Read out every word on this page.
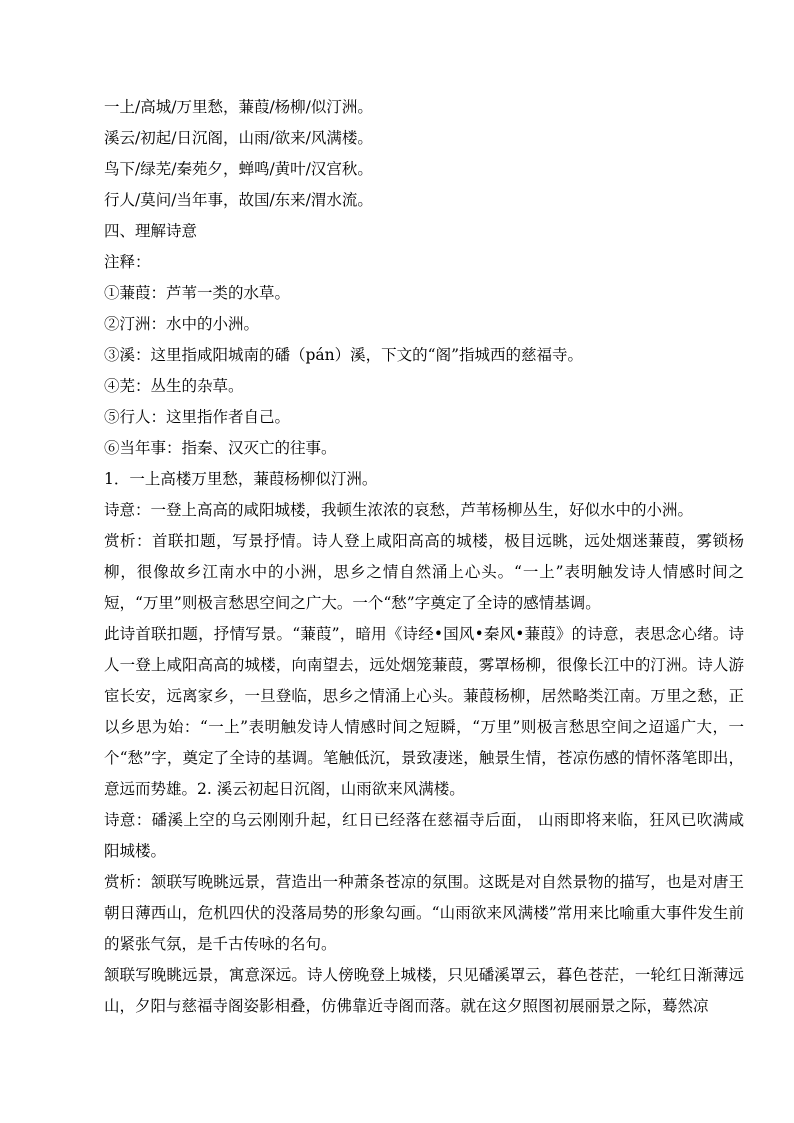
一上/高城/万里愁，蒹葭/杨柳/似汀洲。

溪云/初起/日沉阁，山雨/欲来/风满楼。

鸟下/绿芜/秦苑夕，蝉鸣/黄叶/汉宫秋。

行人/莫问/当年事，故国/东来/渭水流。

四、理解诗意

注释：

①蒹葭：芦苇一类的水草。

②汀洲：水中的小洲。

③溪：这里指咸阳城南的磻（pán）溪，下文的“阁”指城西的慈福寺。

④芜：丛生的杂草。

⑤行人：这里指作者自己。

⑥当年事：指秦、汉灭亡的往事。

1．一上高楼万里愁，蒹葭杨柳似汀洲。

诗意：一登上高高的咸阳城楼，我顿生浓浓的哀愁，芦苇杨柳丛生，好似水中的小洲。

赏析：首联扣题，写景抒情。诗人登上咸阳高高的城楼，极目远眺，远处烟迷蒹葭，雾锁杨柳，很像故乡江南水中的小洲，思乡之情自然涌上心头。“一上”表明触发诗人情感时间之短，“万里”则极言愁思空间之广大。一个“愁”字奠定了全诗的感情基调。

此诗首联扣题，抒情写景。“蒹葭”，暗用《诗经•国风•秦风•蒹葭》的诗意，表思念心绪。诗人一登上咸阳高高的城楼，向南望去，远处烟笼蒹葭，雾罩杨柳，很像长江中的汀洲。诗人游宦长安，远离家乡，一旦登临，思乡之情涌上心头。蒹葭杨柳，居然略类江南。万里之愁，正以乡思为始：“一上”表明触发诗人情感时间之短瞬，“万里”则极言愁思空间之迢遥广大，一个“愁”字，奠定了全诗的基调。笔触低沉，景致凄迷，触景生情，苍凉伤感的情怀落笔即出，意远而势雄。2. 溪云初起日沉阁，山雨欲来风满楼。

诗意：磻溪上空的乌云刚刚升起，红日已经落在慈福寺后面， 山雨即将来临，狂风已吹满咸阳城楼。

赏析：颔联写晚眺远景，营造出一种萧条苍凉的氛围。这既是对自然景物的描写，也是对唐王朝日薄西山，危机四伏的没落局势的形象勾画。“山雨欲来风满楼”常用来比喻重大事件发生前的紧张气氛，是千古传咏的名句。

颔联写晚眺远景，寓意深远。诗人傍晚登上城楼，只见磻溪罩云，暮色苍茫，一轮红日渐薄远山，夕阳与慈福寺阁姿影相叠，仿佛靠近寺阁而落。就在这夕照图初展丽景之际，蓦然凉
